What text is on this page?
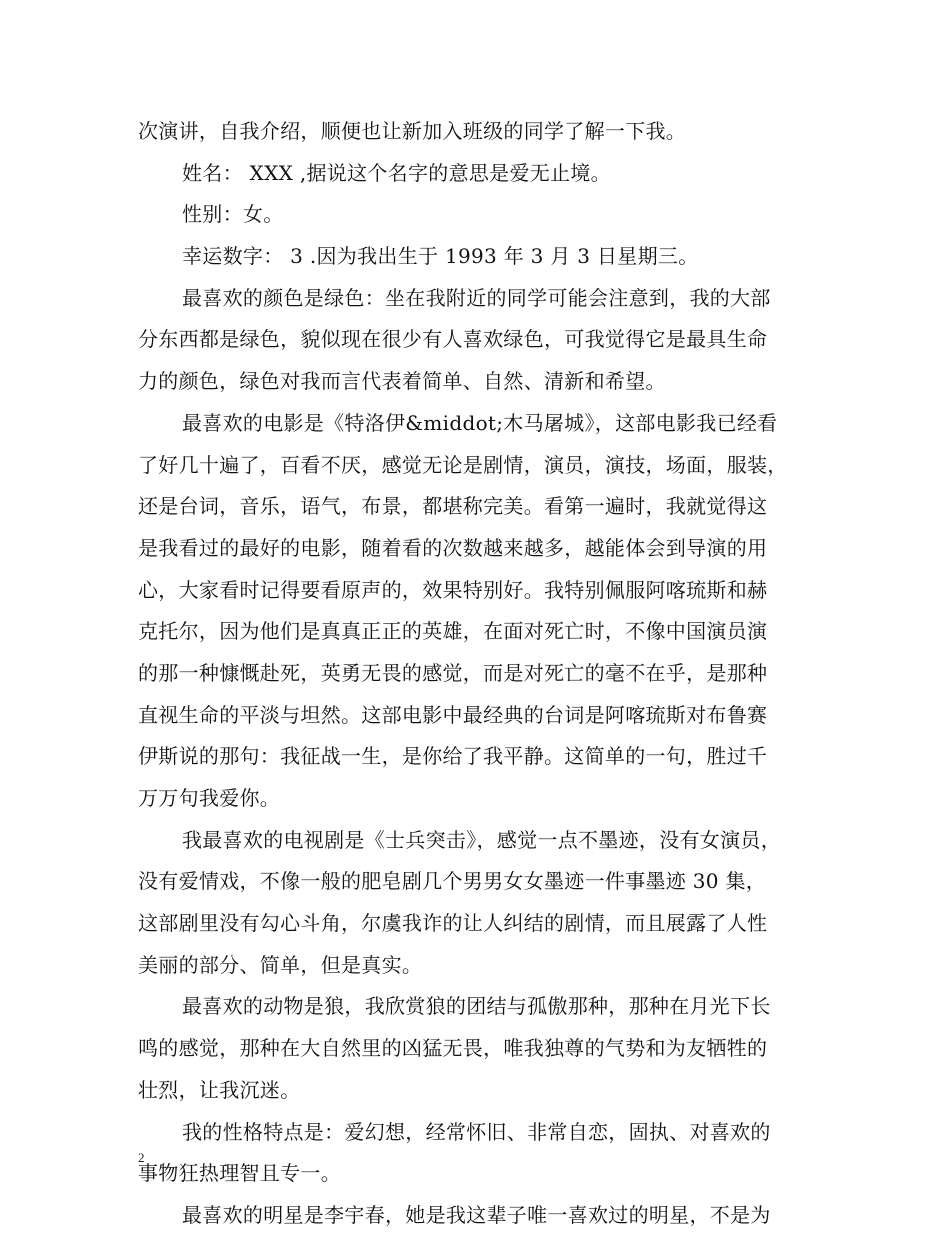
次演讲，自我介绍，顺便也让新加入班级的同学了解一下我。
姓名： XXX ,据说这个名字的意思是爱无止境。
性别：女。
幸运数字： 3 .因为我出生于 1993 年 3 月 3 日星期三。
最喜欢的颜色是绿色：坐在我附近的同学可能会注意到，我的大部
分东西都是绿色，貌似现在很少有人喜欢绿色，可我觉得它是最具生命
力的颜色，绿色对我而言代表着简单、自然、清新和希望。
最喜欢的电影是《特洛伊&middot;木马屠城》，这部电影我已经看
了好几十遍了，百看不厌，感觉无论是剧情，演员，演技，场面，服装，
还是台词，音乐，语气，布景，都堪称完美。看第一遍时，我就觉得这
是我看过的最好的电影，随着看的次数越来越多，越能体会到导演的用
心，大家看时记得要看原声的，效果特别好。我特别佩服阿喀琉斯和赫
克托尔，因为他们是真真正正的英雄，在面对死亡时，不像中国演员演
的那一种慷慨赴死，英勇无畏的感觉，而是对死亡的毫不在乎，是那种
直视生命的平淡与坦然。这部电影中最经典的台词是阿喀琉斯对布鲁赛
伊斯说的那句：我征战一生，是你给了我平静。这简单的一句，胜过千
万万句我爱你。
我最喜欢的电视剧是《士兵突击》，感觉一点不墨迹，没有女演员，
没有爱情戏，不像一般的肥皂剧几个男男女女墨迹一件事墨迹 30 集，
这部剧里没有勾心斗角，尔虞我诈的让人纠结的剧情，而且展露了人性
美丽的部分、简单，但是真实。
最喜欢的动物是狼，我欣赏狼的团结与孤傲那种，那种在月光下长
鸣的感觉，那种在大自然里的凶猛无畏，唯我独尊的气势和为友牺牲的
壮烈，让我沉迷。
我的性格特点是：爱幻想，经常怀旧、非常自恋，固执、对喜欢的
事物狂热理智且专一。
最喜欢的明星是李宇春，她是我这辈子唯一喜欢过的明星，不是为
2
